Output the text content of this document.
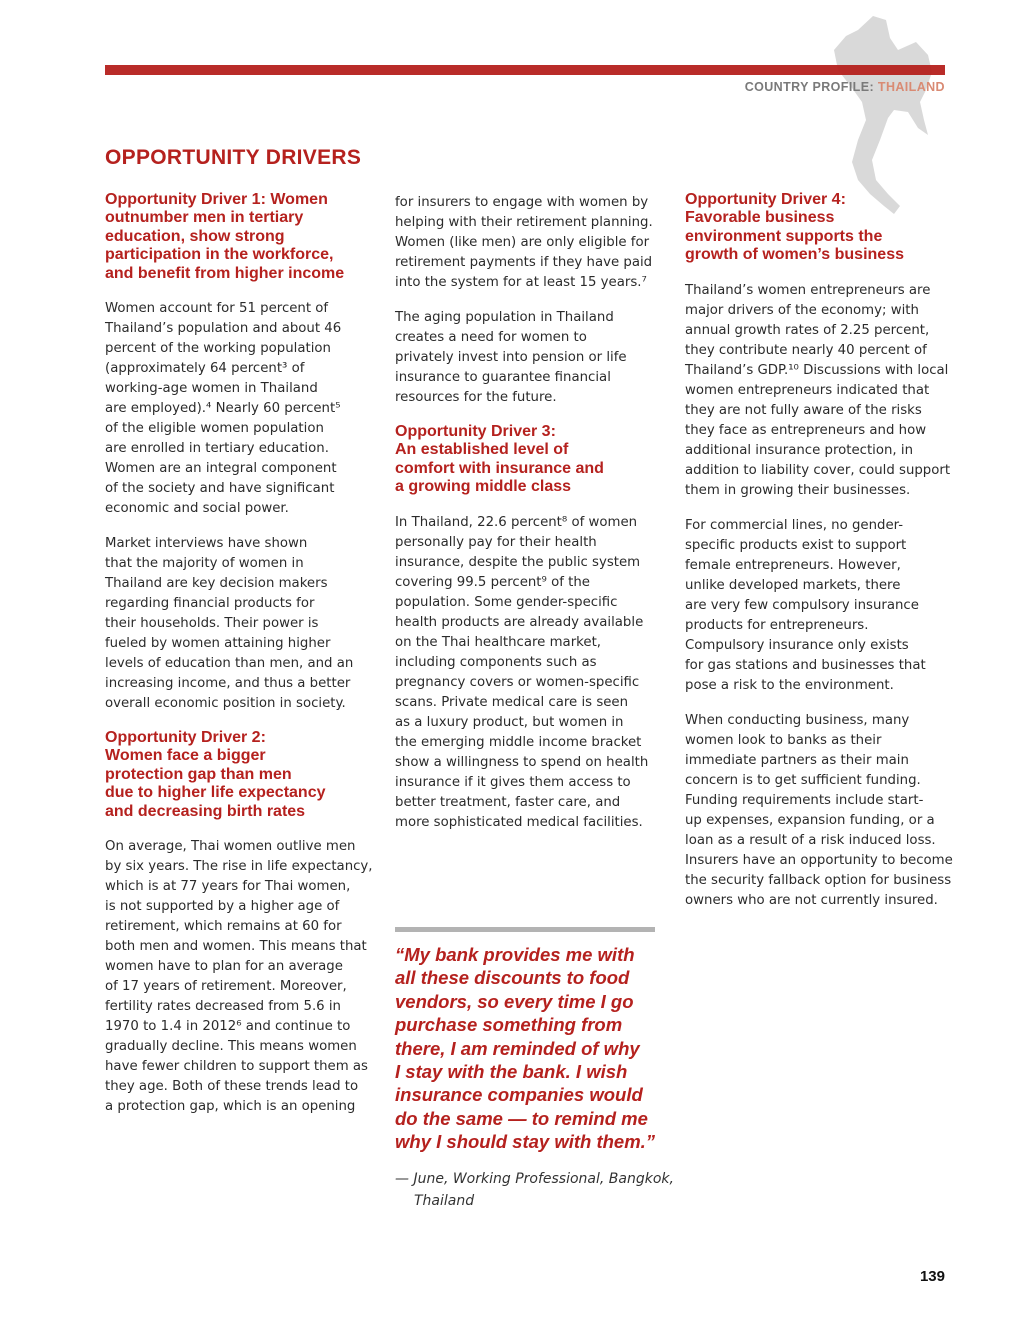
COUNTRY PROFILE: THAILAND
OPPORTUNITY DRIVERS
Opportunity Driver 1: Women
outnumber men in tertiary
education, show strong
participation in the workforce,
and benefit from higher income

Women account for 51 percent of
Thailand’s population and about 46
percent of the working population
(approximately 64 percent³ of
working-age women in Thailand
are employed).⁴ Nearly 60 percent⁵
of the eligible women population
are enrolled in tertiary education.
Women are an integral component
of the society and have significant
economic and social power.

Market interviews have shown
that the majority of women in
Thailand are key decision makers
regarding financial products for
their households. Their power is
fueled by women attaining higher
levels of education than men, and an
increasing income, and thus a better
overall economic position in society.

Opportunity Driver 2:
Women face a bigger
protection gap than men
due to higher life expectancy
and decreasing birth rates

On average, Thai women outlive men
by six years. The rise in life expectancy,
which is at 77 years for Thai women,
is not supported by a higher age of
retirement, which remains at 60 for
both men and women. This means that
women have to plan for an average
of 17 years of retirement. Moreover,
fertility rates decreased from 5.6 in
1970 to 1.4 in 2012⁶ and continue to
gradually decline. This means women
have fewer children to support them as
they age. Both of these trends lead to
a protection gap, which is an opening

for insurers to engage with women by
helping with their retirement planning.
Women (like men) are only eligible for
retirement payments if they have paid
into the system for at least 15 years.⁷

The aging population in Thailand
creates a need for women to
privately invest into pension or life
insurance to guarantee financial
resources for the future.

Opportunity Driver 3:
An established level of
comfort with insurance and
a growing middle class

In Thailand, 22.6 percent⁸ of women
personally pay for their health
insurance, despite the public system
covering 99.5 percent⁹ of the
population. Some gender-specific
health products are already available
on the Thai healthcare market,
including components such as
pregnancy covers or women-specific
scans. Private medical care is seen
as a luxury product, but women in
the emerging middle income bracket
show a willingness to spend on health
insurance if it gives them access to
better treatment, faster care, and
more sophisticated medical facilities.

Opportunity Driver 4:
Favorable business
environment supports the
growth of women’s business

Thailand’s women entrepreneurs are
major drivers of the economy; with
annual growth rates of 2.25 percent,
they contribute nearly 40 percent of
Thailand’s GDP.¹⁰ Discussions with local
women entrepreneurs indicated that
they are not fully aware of the risks
they face as entrepreneurs and how
additional insurance protection, in
addition to liability cover, could support
them in growing their businesses.

For commercial lines, no gender-
specific products exist to support
female entrepreneurs. However,
unlike developed markets, there
are very few compulsory insurance
products for entrepreneurs.
Compulsory insurance only exists
for gas stations and businesses that
pose a risk to the environment.

When conducting business, many
women look to banks as their
immediate partners as their main
concern is to get sufficient funding.
Funding requirements include start-
up expenses, expansion funding, or a
loan as a result of a risk induced loss.
Insurers have an opportunity to become
the security fallback option for business
owners who are not currently insured.

“My bank provides me with
all these discounts to food
vendors, so every time I go
purchase something from
there, I am reminded of why
I stay with the bank. I wish
insurance companies would
do the same — to remind me
why I should stay with them.”
— June, Working Professional, Bangkok,
Thailand
139
